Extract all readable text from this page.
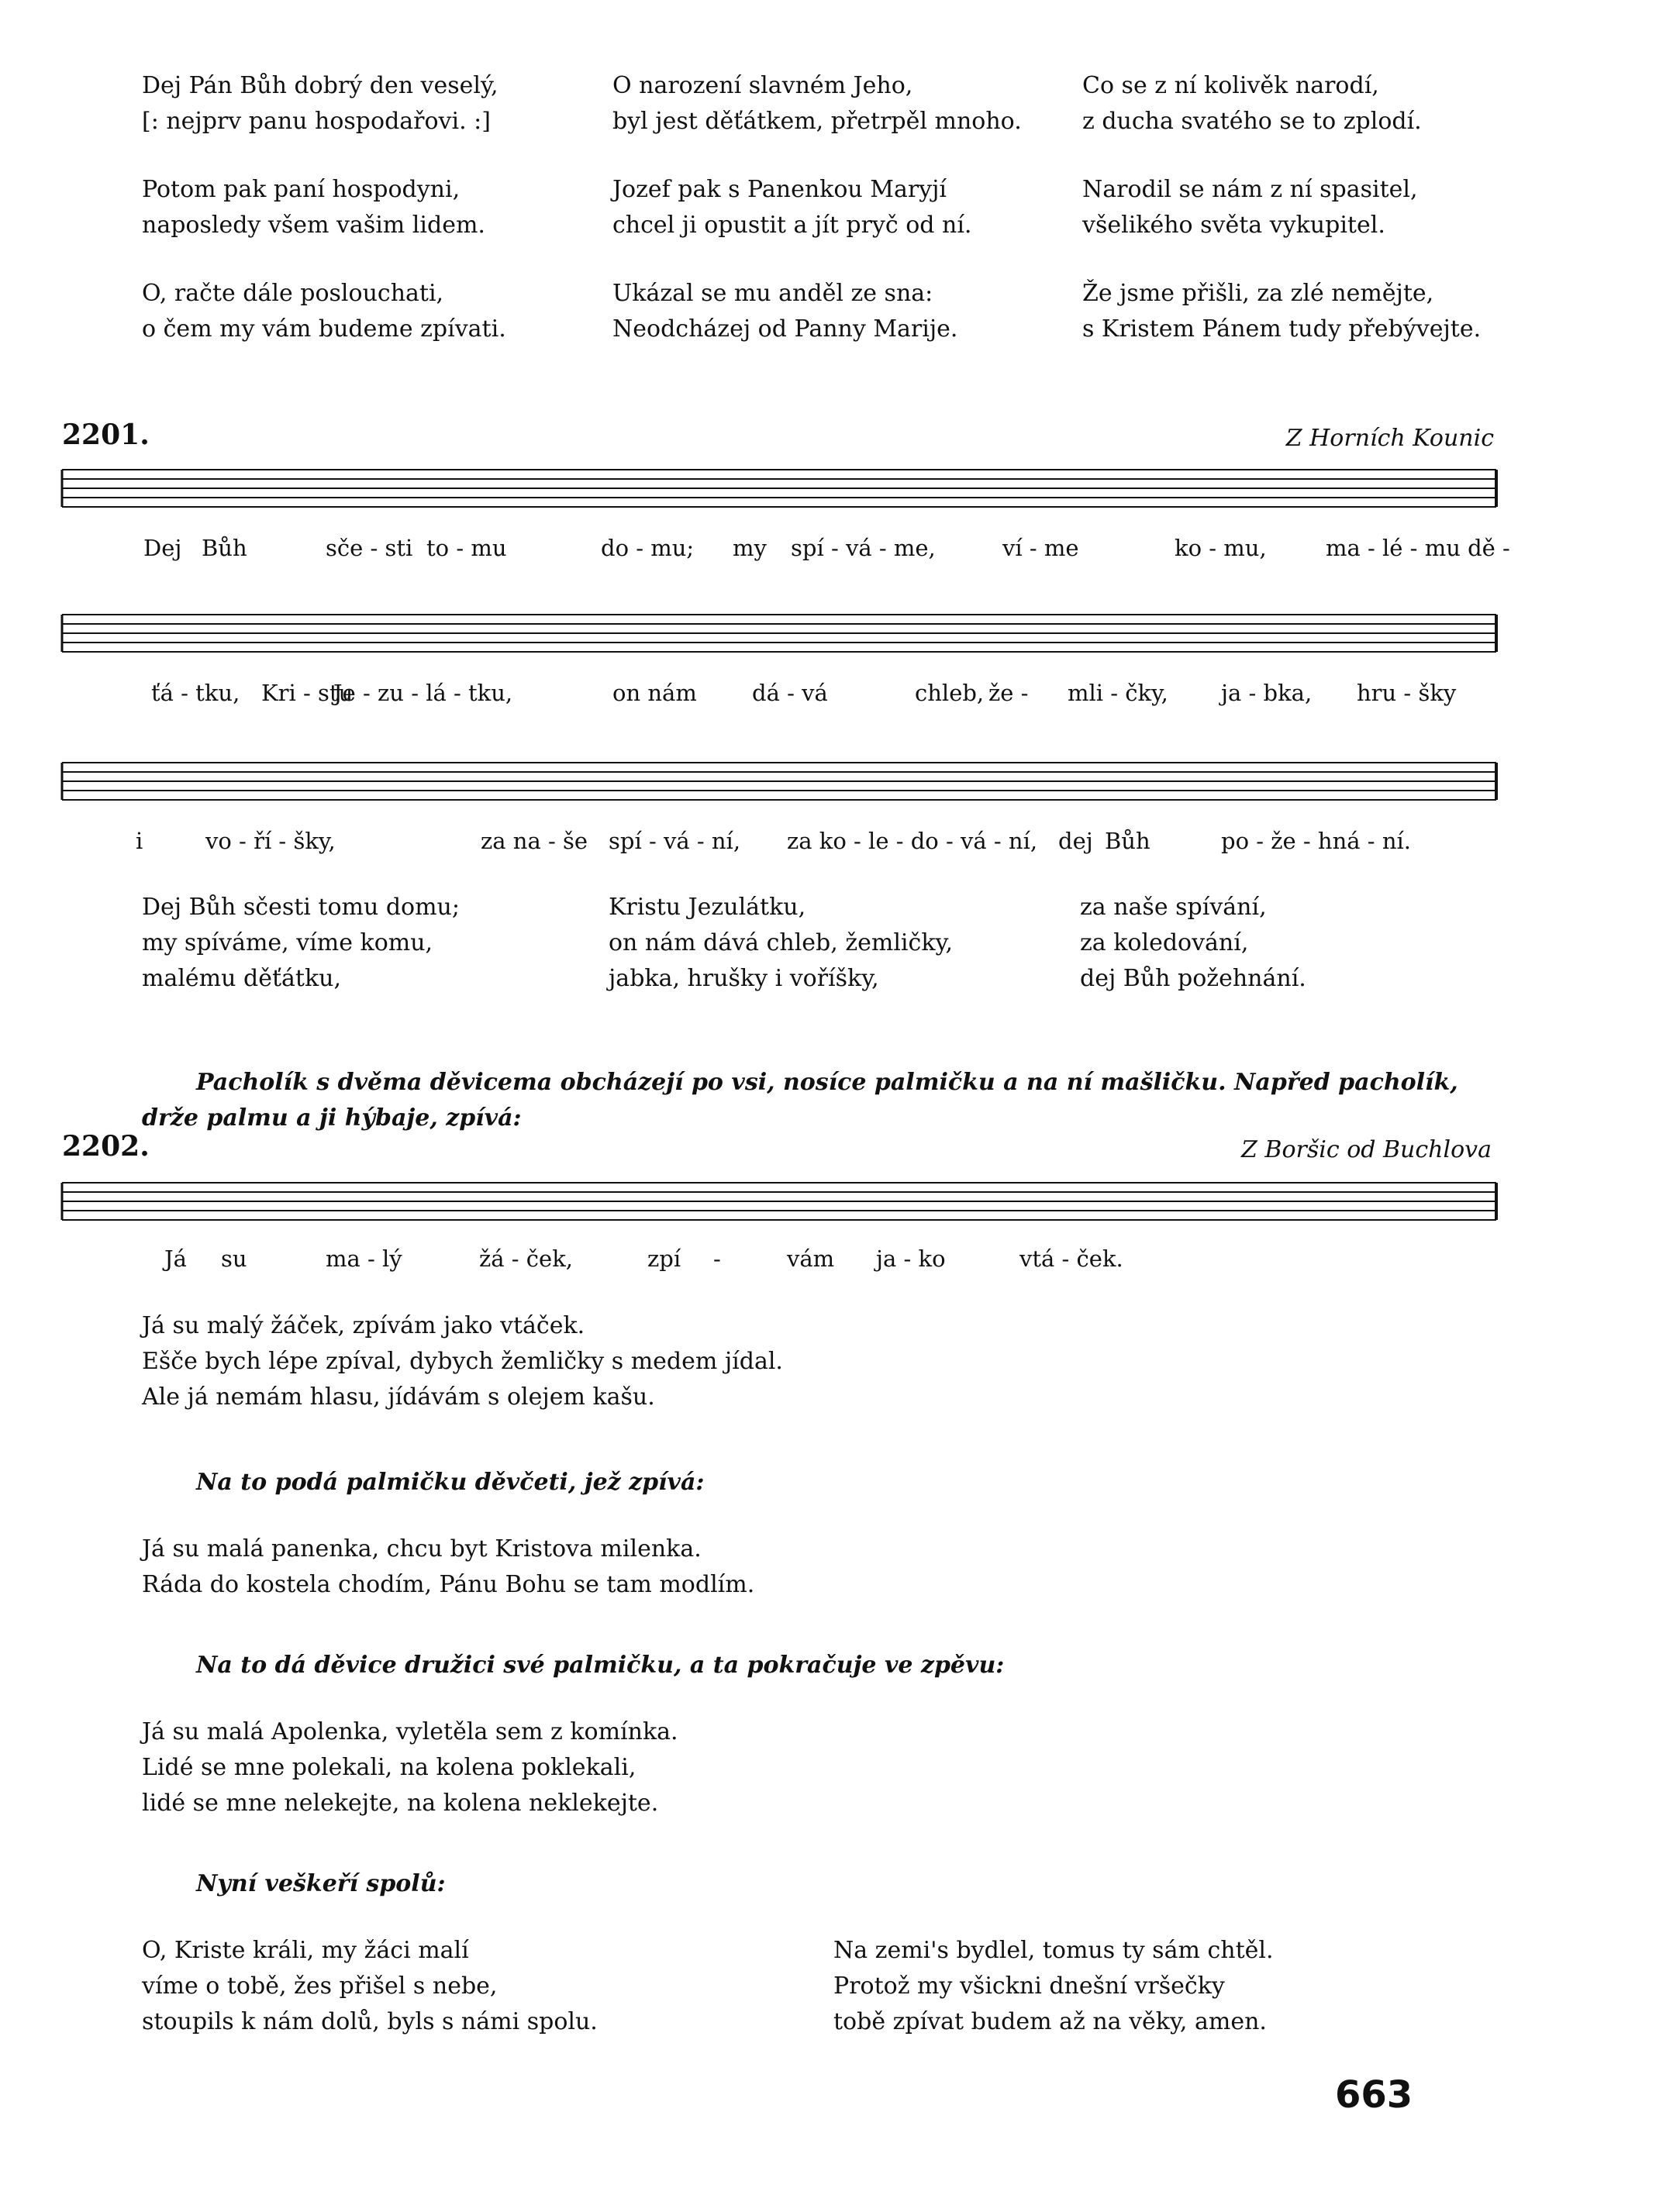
Dej Pán Bůh dobrý den veselý,
[: nejprv panu hospodařovi. :]
Potom pak paní hospodyni,
naposledy všem vašim lidem.
O, račte dále poslouchati,
o čem my vám budeme zpívati.
O narození slavném Jeho,
byl jest děťátkem, přetrpěl mnoho.
Jozef pak s Panenkou Maryjí
chcel ji opustit a jít pryč od ní.
Ukázal se mu anděl ze sna:
Neodcházej od Panny Marije.
Co se z ní kolivěk narodí,
z ducha svatého se to zplodí.
Narodil se nám z ní spasitel,
všelikého světa vykupitel.
Že jsme přišli, za zlé nemějte,
s Kristem Pánem tudy přebývejte.
2201.	Z Horních Kounic
Dej Bůh	sče - sti to - mu	do - mu; my spí - vá - me,	ví - me	ko - mu,	ma - lé - mu dě -
ťá - tku, Kri - stu
Je - zu - lá - tku,	on nám dá - vá	chleb, že - mli - čky, ja - bka, hru - šky
i	vo - ří - šky,	za na - še spí - vá - ní, za ko - le - do - vá - ní, dej Bůh	po - že - hná - ní.
Dej Bůh sčesti tomu domu;
my spíváme, víme komu,
malému děťátku,
Kristu Jezulátku,
on nám dává chleb, žemličky,
jabka, hrušky i voříšky,
za naše spívání,
za koledování,
dej Bůh požehnání.
Pacholík s dvěma děvicema obcházejí po vsi, nosíce palmičku a na ní mašličku. Napřed pacholík, drže palmu a ji hýbaje, zpívá:
2202.	Z Boršic od Buchlova
Já su	ma - lý	žá - ček,	zpí -	vám ja - ko	vtá - ček.
Já su malý žáček, zpívám jako vtáček.
Ešče bych lépe zpíval, dybych žemličky s medem jídal.
Ale já nemám hlasu, jídávám s olejem kašu.
Na to podá palmičku děvčeti, jež zpívá:
Já su malá panenka, chcu byt Kristova milenka.
Ráda do kostela chodím, Pánu Bohu se tam modlím.
Na to dá děvice družici své palmičku, a ta pokračuje ve zpěvu:
Já su malá Apolenka, vyletěla sem z komínka.
Lidé se mne polekali, na kolena poklekali,
lidé se mne nelekejte, na kolena neklekejte.
Nyní veškeří spolů:
O, Kriste králi, my žáci malí
víme o tobě, žes přišel s nebe,
stoupils k nám dolů, byls s námi spolu.
Na zemi's bydlel, tomus ty sám chtěl.
Protož my všickni dnešní vršečky
tobě zpívat budem až na věky, amen.
663
